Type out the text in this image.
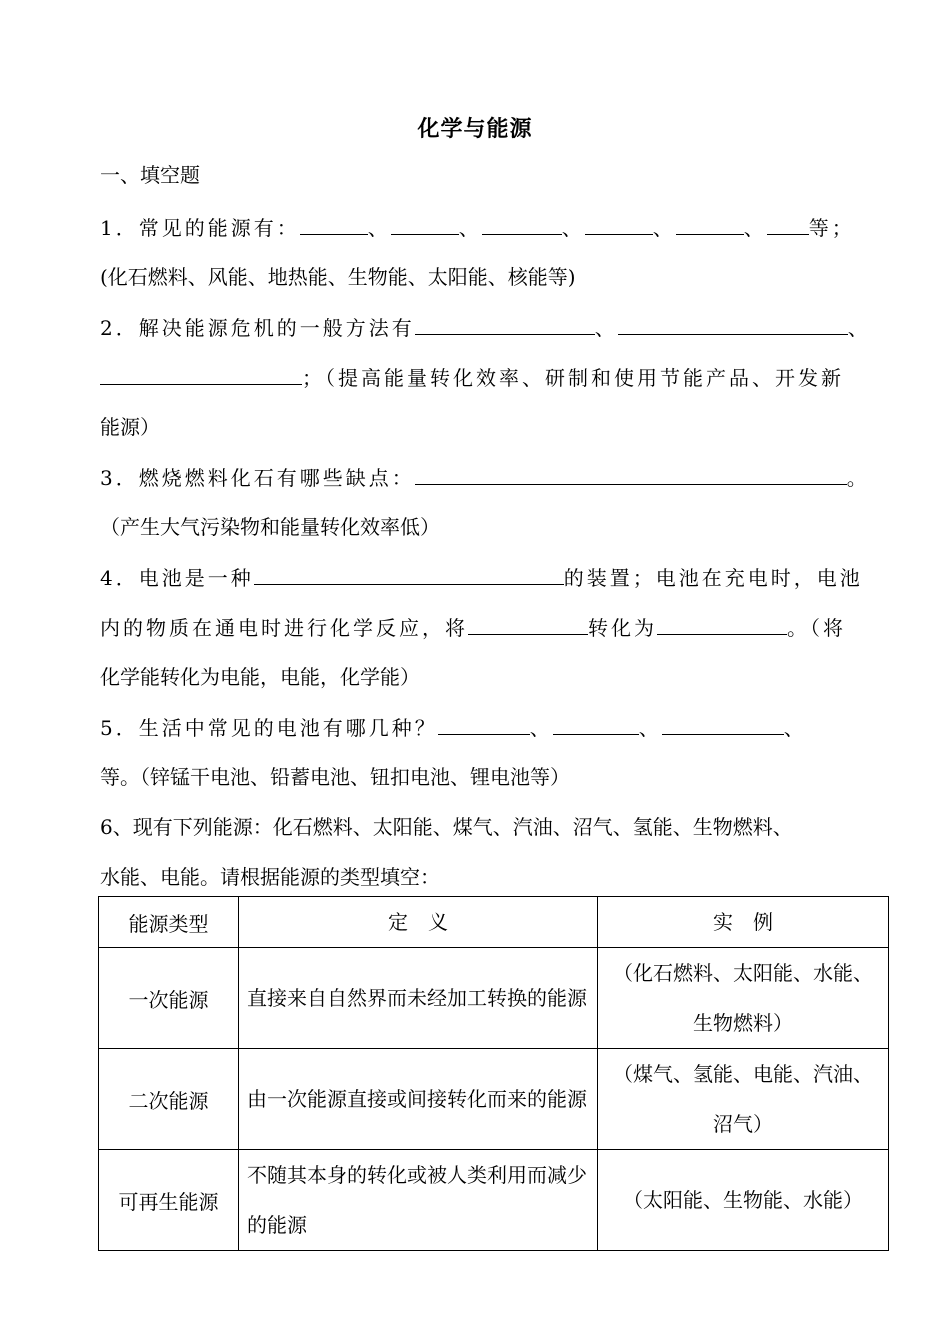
化学与能源
一、填空题
1．常见的能源有：	、	、	、	、	、 等；
(化石燃料、风能、地热能、生物能、太阳能、核能等)
2．解决能源危机的一般方法有	、	、
；（提高能量转化效率、研制和使用节能产品、开发新
能源）
3．燃烧燃料化石有哪些缺点：	。
（产生大气污染物和能量转化效率低）
4．电池是一种	的装置；电池在充电时，电池
内的物质在通电时进行化学反应，将	转化为	。（将
化学能转化为电能，电能，化学能）
5．生活中常见的电池有哪几种？	、	、	、
等。（锌锰干电池、铅蓄电池、钮扣电池、锂电池等）
6、现有下列能源：化石燃料、太阳能、煤气、汽油、沼气、氢能、生物燃料、
水能、电能。请根据能源的类型填空：
能源类型	定　义	实　例
一次能源	直接来自自然界而未经加工转换的能源	（化石燃料、太阳能、水能、生物燃料）
二次能源	由一次能源直接或间接转化而来的能源	（煤气、氢能、电能、汽油、沼气）
可再生能源	不随其本身的转化或被人类利用而减少的能源	（太阳能、生物能、水能）
